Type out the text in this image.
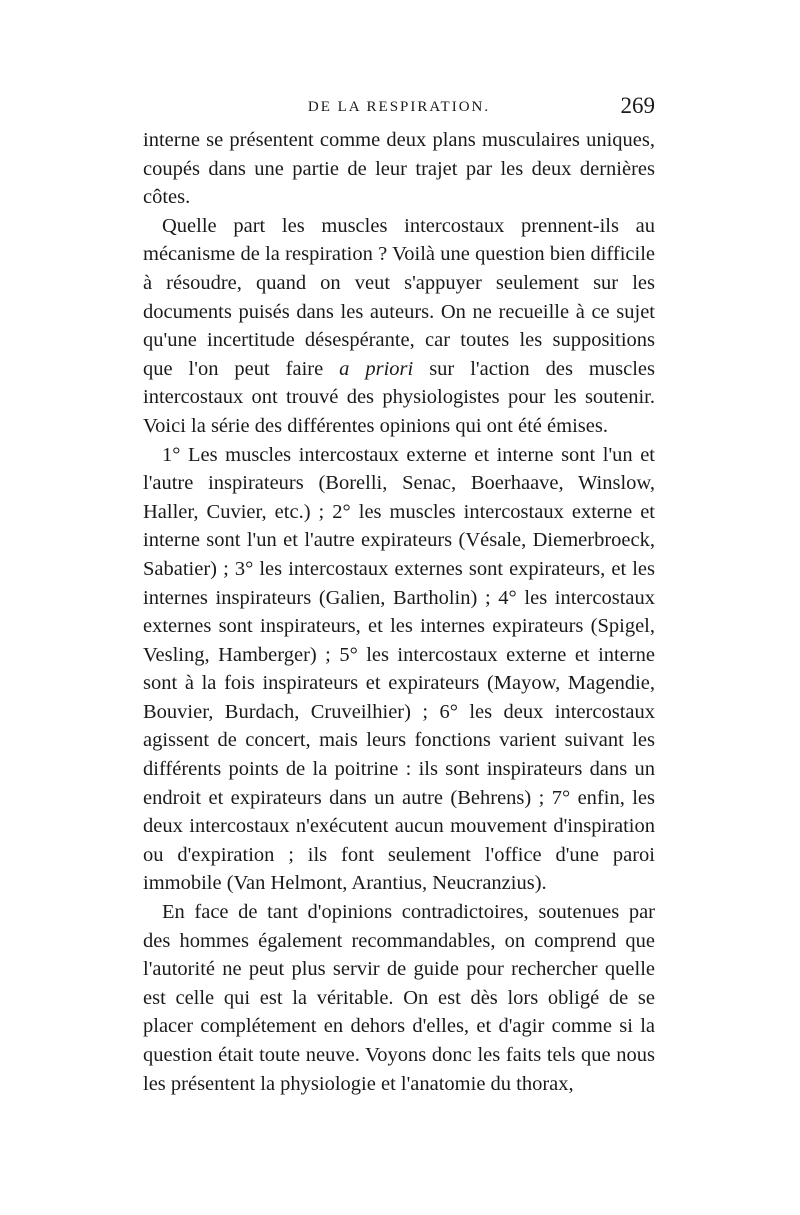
DE LA RESPIRATION.	269

interne se présentent comme deux plans musculaires uniques, coupés dans une partie de leur trajet par les deux dernières côtes.

Quelle part les muscles intercostaux prennent-ils au mécanisme de la respiration ? Voilà une question bien difficile à résoudre, quand on veut s'appuyer seulement sur les documents puisés dans les auteurs. On ne recueille à ce sujet qu'une incertitude désespérante, car toutes les suppositions que l'on peut faire a priori sur l'action des muscles intercostaux ont trouvé des physiologistes pour les soutenir. Voici la série des différentes opinions qui ont été émises.

1° Les muscles intercostaux externe et interne sont l'un et l'autre inspirateurs (Borelli, Senac, Boerhaave, Winslow, Haller, Cuvier, etc.) ; 2° les muscles intercostaux externe et interne sont l'un et l'autre expirateurs (Vésale, Diemerbroeck, Sabatier) ; 3° les intercostaux externes sont expirateurs, et les internes inspirateurs (Galien, Bartholin) ; 4° les intercostaux externes sont inspirateurs, et les internes expirateurs (Spigel, Vesling, Hamberger) ; 5° les intercostaux externe et interne sont à la fois inspirateurs et expirateurs (Mayow, Magendie, Bouvier, Burdach, Cruveilhier) ; 6° les deux intercostaux agissent de concert, mais leurs fonctions varient suivant les différents points de la poitrine : ils sont inspirateurs dans un endroit et expirateurs dans un autre (Behrens) ; 7° enfin, les deux intercostaux n'exécutent aucun mouvement d'inspiration ou d'expiration ; ils font seulement l'office d'une paroi immobile (Van Helmont, Arantius, Neucranzius).

En face de tant d'opinions contradictoires, soutenues par des hommes également recommandables, on comprend que l'autorité ne peut plus servir de guide pour rechercher quelle est celle qui est la véritable. On est dès lors obligé de se placer complétement en dehors d'elles, et d'agir comme si la question était toute neuve. Voyons donc les faits tels que nous les présentent la physiologie et l'anatomie du thorax,
